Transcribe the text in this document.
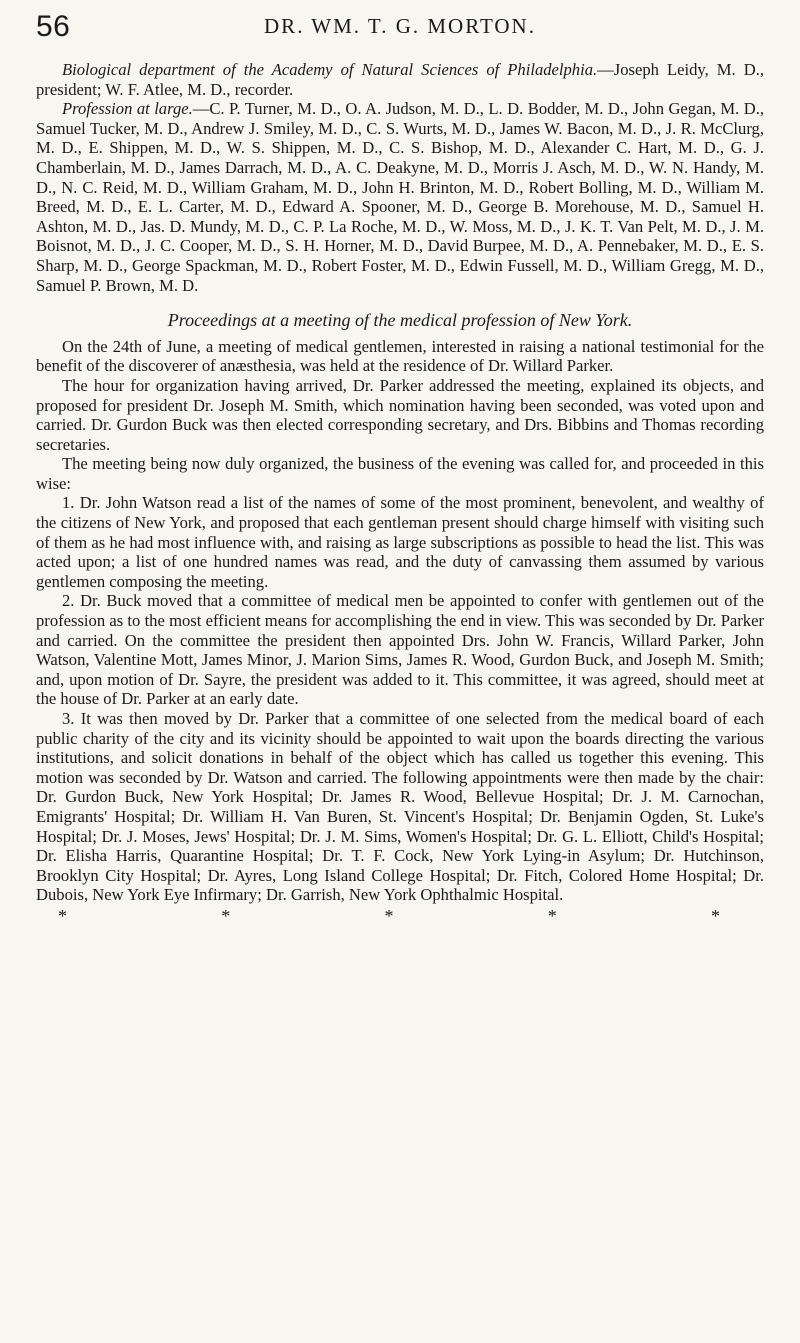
56	DR. WM. T. G. MORTON.

Biological department of the Academy of Natural Sciences of Philadelphia.—Joseph Leidy, M. D., president; W. F. Atlee, M. D., recorder.

Profession at large.—C. P. Turner, M. D., O. A. Judson, M. D., L. D. Bodder, M. D., John Gegan, M. D., Samuel Tucker, M. D., Andrew J. Smiley, M. D., C. S. Wurts, M. D., James W. Bacon, M. D., J. R. McClurg, M. D., E. Shippen, M. D., W. S. Shippen, M. D., C. S. Bishop, M. D., Alexander C. Hart, M. D., G. J. Chamberlain, M. D., James Darrach, M. D., A. C. Deakyne, M. D., Morris J. Asch, M. D., W. N. Handy, M. D., N. C. Reid, M. D., William Graham, M. D., John H. Brinton, M. D., Robert Bolling, M. D., William M. Breed, M. D., E. L. Carter, M. D., Edward A. Spooner, M. D., George B. Morehouse, M. D., Samuel H. Ashton, M. D., Jas. D. Mundy, M. D., C. P. La Roche, M. D., W. Moss, M. D., J. K. T. Van Pelt, M. D., J. M. Boisnot, M. D., J. C. Cooper, M. D., S. H. Horner, M. D., David Burpee, M. D., A. Pennebaker, M. D., E. S. Sharp, M. D., George Spackman, M. D., Robert Foster, M. D., Edwin Fussell, M. D., William Gregg, M. D., Samuel P. Brown, M. D.

Proceedings at a meeting of the medical profession of New York.

On the 24th of June, a meeting of medical gentlemen, interested in raising a national testimonial for the benefit of the discoverer of anæsthesia, was held at the residence of Dr. Willard Parker.

The hour for organization having arrived, Dr. Parker addressed the meeting, explained its objects, and proposed for president Dr. Joseph M. Smith, which nomination having been seconded, was voted upon and carried. Dr. Gurdon Buck was then elected corresponding secretary, and Drs. Bibbins and Thomas recording secretaries.

The meeting being now duly organized, the business of the evening was called for, and proceeded in this wise:

1. Dr. John Watson read a list of the names of some of the most prominent, benevolent, and wealthy of the citizens of New York, and proposed that each gentleman present should charge himself with visiting such of them as he had most influence with, and raising as large subscriptions as possible to head the list. This was acted upon; a list of one hundred names was read, and the duty of canvassing them assumed by various gentlemen composing the meeting.

2. Dr. Buck moved that a committee of medical men be appointed to confer with gentlemen out of the profession as to the most efficient means for accomplishing the end in view. This was seconded by Dr. Parker and carried. On the committee the president then appointed Drs. John W. Francis, Willard Parker, John Watson, Valentine Mott, James Minor, J. Marion Sims, James R. Wood, Gurdon Buck, and Joseph M. Smith; and, upon motion of Dr. Sayre, the president was added to it. This committee, it was agreed, should meet at the house of Dr. Parker at an early date.

3. It was then moved by Dr. Parker that a committee of one selected from the medical board of each public charity of the city and its vicinity should be appointed to wait upon the boards directing the various institutions, and solicit donations in behalf of the object which has called us together this evening. This motion was seconded by Dr. Watson and carried. The following appointments were then made by the chair: Dr. Gurdon Buck, New York Hospital; Dr. James R. Wood, Bellevue Hospital; Dr. J. M. Carnochan, Emigrants' Hospital; Dr. William H. Van Buren, St. Vincent's Hospital; Dr. Benjamin Ogden, St. Luke's Hospital; Dr. J. Moses, Jews' Hospital; Dr. J. M. Sims, Women's Hospital; Dr. G. L. Elliott, Child's Hospital; Dr. Elisha Harris, Quarantine Hospital; Dr. T. F. Cock, New York Lying-in Asylum; Dr. Hutchinson, Brooklyn City Hospital; Dr. Ayres, Long Island College Hospital; Dr. Fitch, Colored Home Hospital; Dr. Dubois, New York Eye Infirmary; Dr. Garrish, New York Ophthalmic Hospital.

*	*	*	*	*
